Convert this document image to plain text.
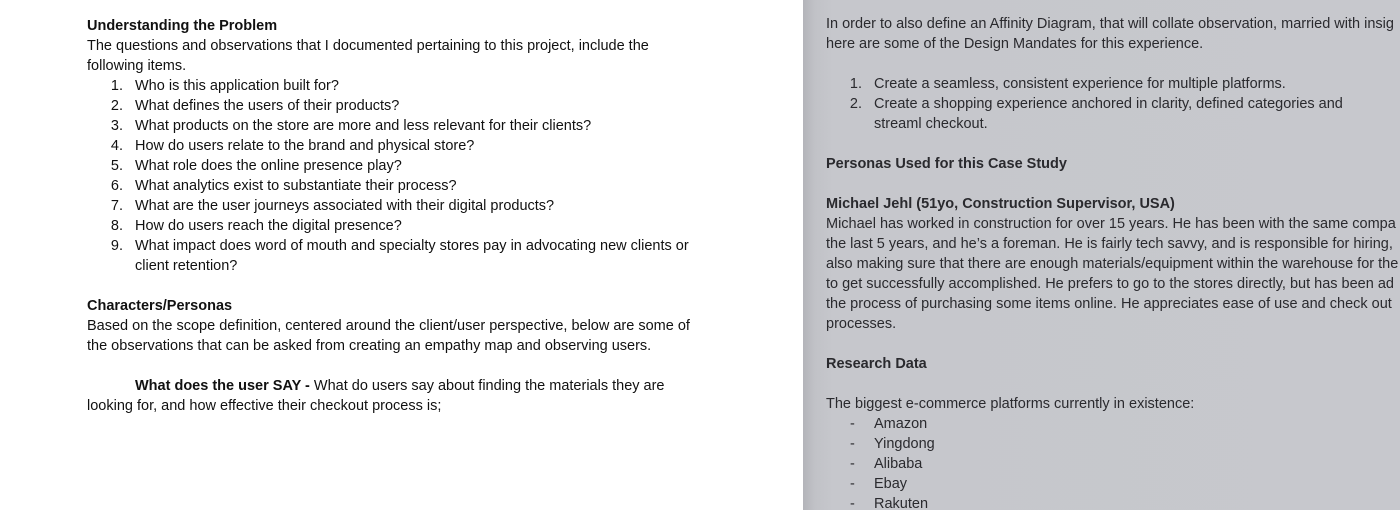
Understanding the Problem

The questions and observations that I documented pertaining to this project, include the following items.

1. Who is this application built for?
2. What defines the users of their products?
3. What products on the store are more and less relevant for their clients?
4. How do users relate to the brand and physical store?
5. What role does the online presence play?
6. What analytics exist to substantiate their process?
7. What are the user journeys associated with their digital products?
8. How do users reach the digital presence?
9. What impact does word of mouth and specialty stores pay in advocating new clients or client retention?
Characters/Personas

Based on the scope definition, centered around the client/user perspective, below are some of the observations that can be asked from creating an empathy map and observing users.

What does the user SAY - What do users say about finding the materials they are looking for, and how effective their checkout process is;

In order to also define an Affinity Diagram, that will collate observation, married with insig
here are some of the Design Mandates for this experience.
1. Create a seamless, consistent experience for multiple platforms.
2. Create a shopping experience anchored in clarity, defined categories and streaml checkout.
Personas Used for this Case Study
Michael Jehl (51yo, Construction Supervisor, USA)
Michael has worked in construction for over 15 years. He has been with the same compa
the last 5 years, and he’s a foreman. He is fairly tech savvy, and is responsible for hiring,
also making sure that there are enough materials/equipment within the warehouse for the
to get successfully accomplished. He prefers to go to the stores directly, but has been ad
the process of purchasing some items online. He appreciates ease of use and check out
processes.
Research Data
The biggest e-commerce platforms currently in existence:
- Amazon
- Yingdong
- Alibaba
- Ebay
- Rakuten
